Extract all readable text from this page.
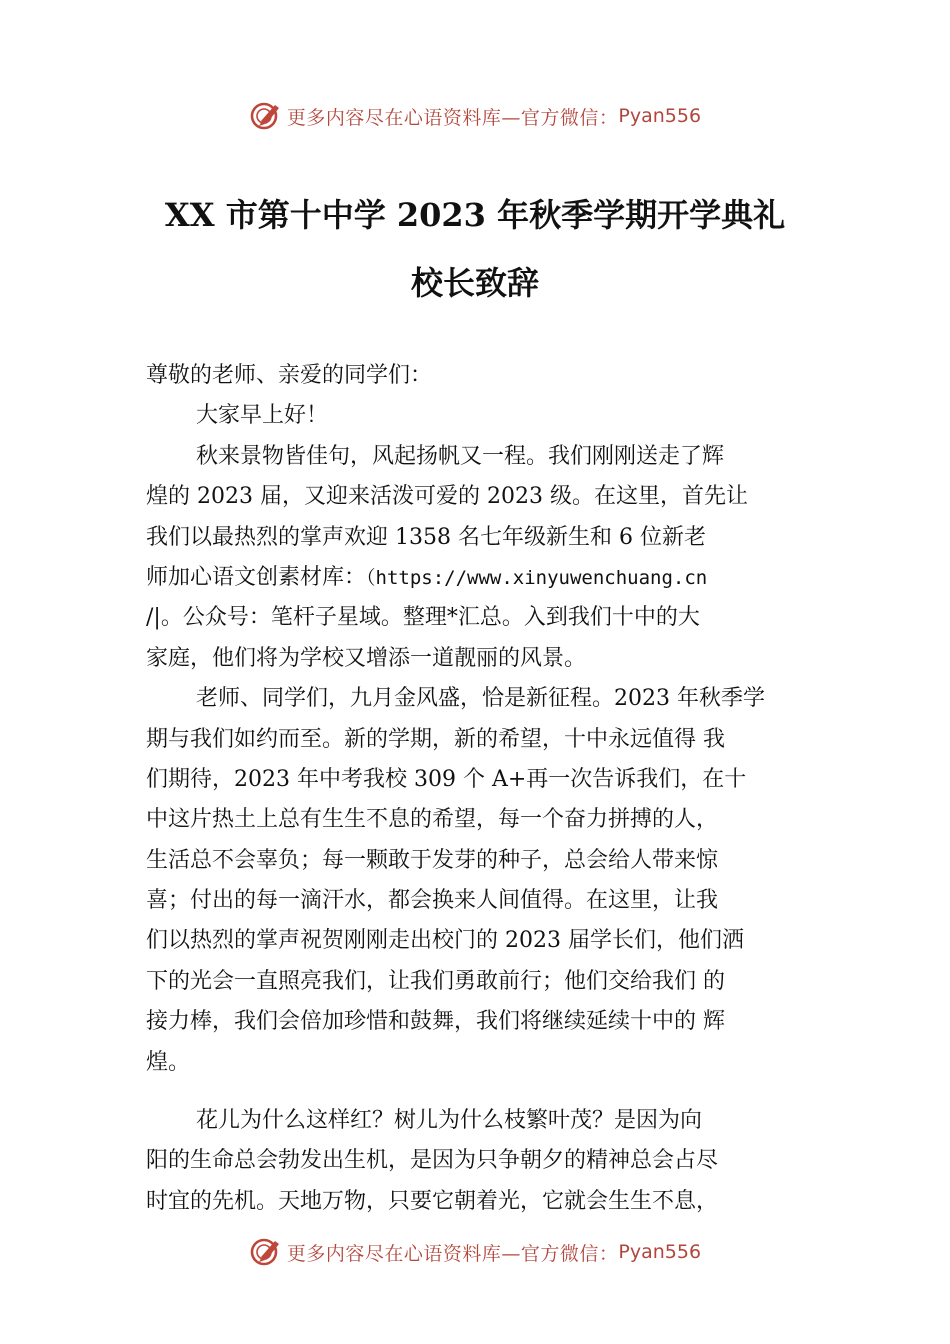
更多内容尽在心语资料库—官方微信： Pyan556
XX 市第十中学 2023 年秋季学期开学典礼
校长致辞
尊敬的老师、亲爱的同学们：
大家早上好！
秋来景物皆佳句，风起扬帆又一程。我们刚刚送走了辉
煌的 2023 届，又迎来活泼可爱的 2023 级。在这里，首先让
我们以最热烈的掌声欢迎 1358 名七年级新生和 6 位新老
师加心语文创素材库：（https://www.xinyuwenchuang.cn
/|。公众号：笔杆子星域。整理*汇总。入到我们十中的大
家庭，他们将为学校又增添一道靓丽的风景。
老师、同学们，九月金风盛，恰是新征程。2023 年秋季学
期与我们如约而至。新的学期，新的希望，十中永远值得 我
们期待，2023 年中考我校 309 个 A+再一次告诉我们，在十
中这片热土上总有生生不息的希望，每一个奋力拼搏的人，
生活总不会辜负；每一颗敢于发芽的种子，总会给人带来惊
喜；付出的每一滴汗水，都会换来人间值得。在这里，让我
们以热烈的掌声祝贺刚刚走出校门的 2023 届学长们，他们洒
下的光会一直照亮我们，让我们勇敢前行；他们交给我们 的
接力棒，我们会倍加珍惜和鼓舞，我们将继续延续十中的 辉
煌。
花儿为什么这样红？树儿为什么枝繁叶茂？是因为向
阳的生命总会勃发出生机，是因为只争朝夕的精神总会占尽
时宜的先机。天地万物，只要它朝着光，它就会生生不息，
更多内容尽在心语资料库—官方微信： Pyan556
